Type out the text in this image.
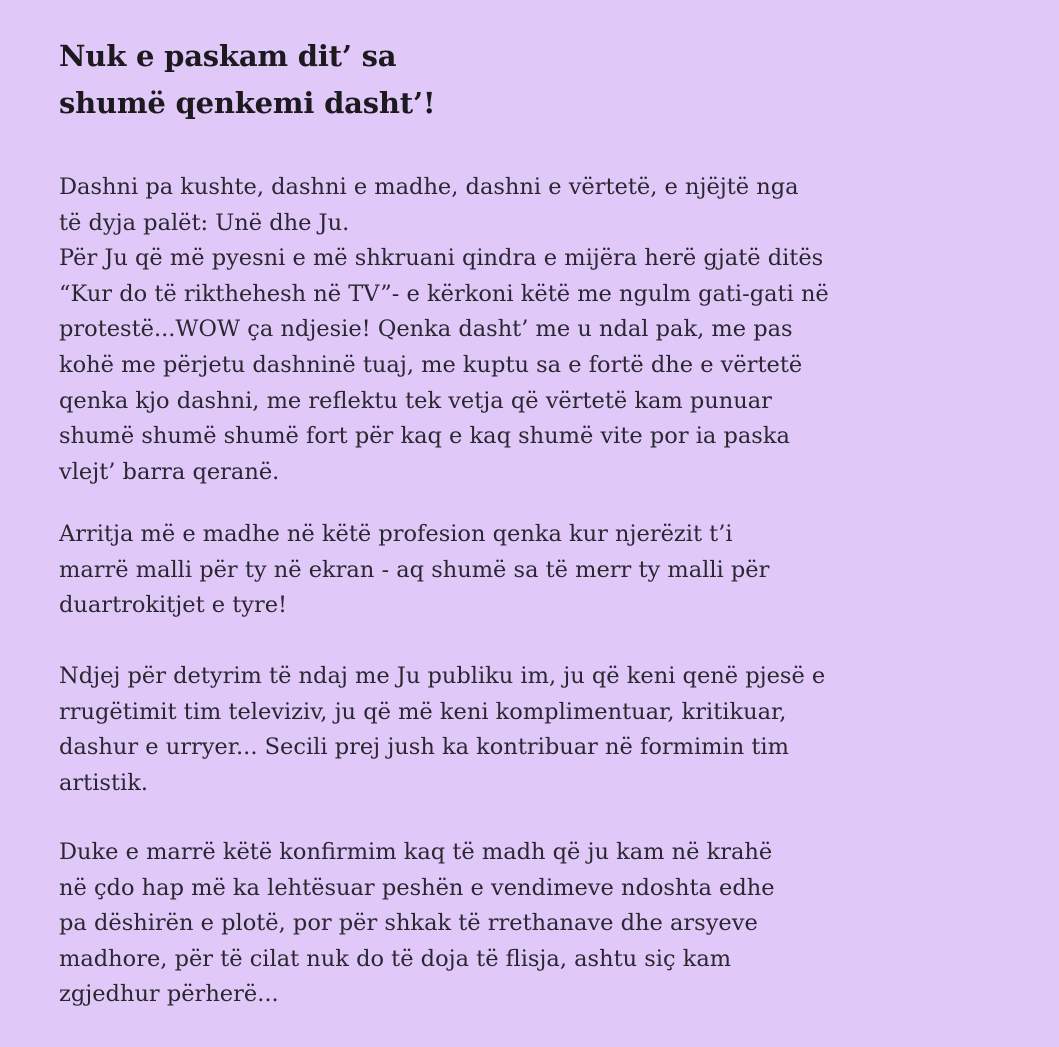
Nuk e paskam dit’ sa
shumë qenkemi dasht’!

Dashni pa kushte, dashni e madhe, dashni e vërtetë, e njëjtë nga
të dyja palët: Unë dhe Ju.
Për Ju që më pyesni e më shkruani qindra e mijëra herë gjatë ditës
“Kur do të rikthehesh në TV”- e kërkoni këtë me ngulm gati-gati në
protestë...WOW ça ndjesie! Qenka dasht’ me u ndal pak, me pas
kohë me përjetu dashninë tuaj, me kuptu sa e fortë dhe e vërtetë
qenka kjo dashni, me reflektu tek vetja që vërtetë kam punuar
shumë shumë shumë fort për kaq e kaq shumë vite por ia paska
vlejt’ barra qeranë.

Arritja më e madhe në këtë profesion qenka kur njerëzit t’i
marrë malli për ty në ekran - aq shumë sa të merr ty malli për
duartrokitjet e tyre!

Ndjej për detyrim të ndaj me Ju publiku im, ju që keni qenë pjesë e
rrugëtimit tim televiziv, ju që më keni komplimentuar, kritikuar,
dashur e urryer... Secili prej jush ka kontribuar në formimin tim
artistik.

Duke e marrë këtë konfirmim kaq të madh që ju kam në krahë
në çdo hap më ka lehtësuar peshën e vendimeve ndoshta edhe
pa dëshirën e plotë, por për shkak të rrethanave dhe arsyeve
madhore, për të cilat nuk do të doja të flisja, ashtu siç kam
zgjedhur përherë...
